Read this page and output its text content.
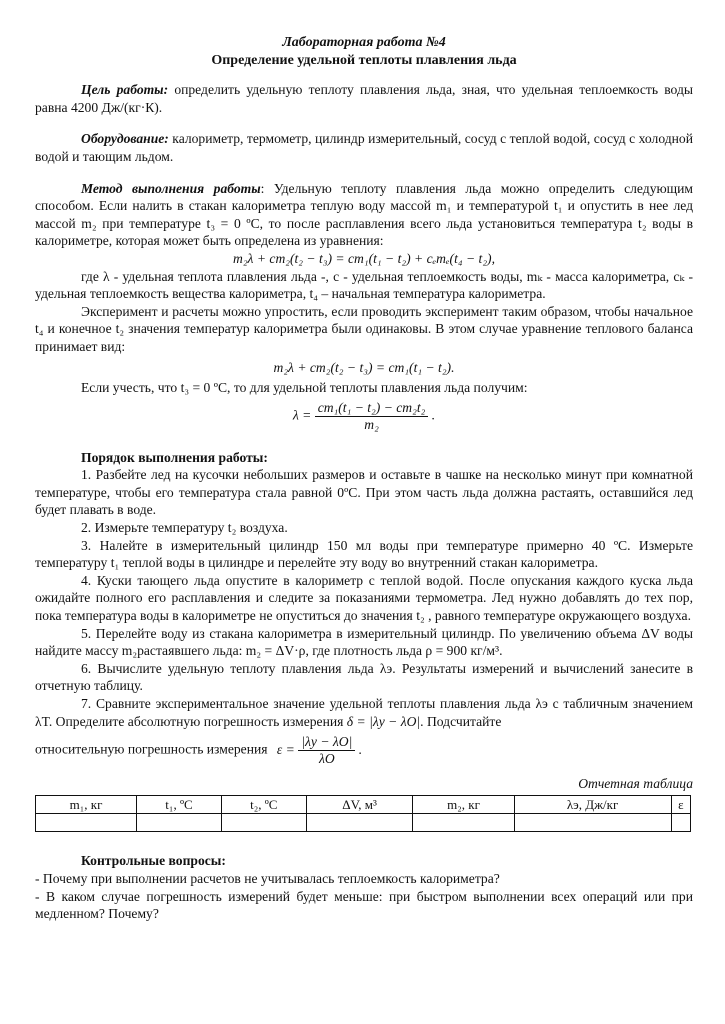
Лабораторная работа №4
Определение удельной теплоты плавления льда

Цель работы: определить удельную теплоту плавления льда, зная, что удельная теплоемкость воды равна 4200 Дж/(кг·К).

Оборудование: калориметр, термометр, цилиндр измерительный, сосуд с теплой водой, сосуд с холодной водой и тающим льдом.

Метод выполнения работы: Удельную теплоту плавления льда можно определить следующим способом. Если налить в стакан калориметра теплую воду массой m₁ и температурой t₁ и опустить в нее лед массой m₂ при температуре t₃ = 0 ºС, то после расплавления всего льда установиться температура t₂ воды в калориметре, которая может быть определена из уравнения:

m₂λ + cm₂(t₂ − t₃) = cm₁(t₁ − t₂) + cₑmₑ(t₄ − t₂),

где λ - удельная теплота плавления льда -, c - удельная теплоемкость воды, mₖ - масса калориметра, cₖ - удельная теплоемкость вещества калориметра, t₄ – начальная температура калориметра.

Эксперимент и расчеты можно упростить, если проводить эксперимент таким образом, чтобы начальное t₄ и конечное t₂ значения температур калориметра были одинаковы. В этом случае уравнение теплового баланса принимает вид:

m₂λ + cm₂(t₂ − t₃) = cm₁(t₁ − t₂).

Если учесть, что t₃ = 0 ºС, то для удельной теплоты плавления льда получим:

$\lambda = \frac{\text{cm₁(t₁ − t₂) − cm₂t₂}}{\text{m₂}}$ .

Порядок выполнения работы:

1. Разбейте лед на кусочки небольших размеров и оставьте в чашке на несколько минут при комнатной температуре, чтобы его температура стала равной 0ºС. При этом часть льда должна растаять, оставшийся лед будет плавать в воде.

2. Измерьте температуру t₂ воздуха.

3. Налейте в измерительный цилиндр 150 мл воды при температуре примерно 40 ºС. Измерьте температуру t₁ теплой воды в цилиндре и перелейте эту воду во внутренний стакан калориметра.

4. Куски тающего льда опустите в калориметр с теплой водой. После опускания каждого куска льда ожидайте полного его расплавления и следите за показаниями термометра. Лед нужно добавлять до тех пор, пока температура воды в калориметре не опуститься до значения t₂ , равного температуре окружающего воздуха.

5. Перелейте воду из стакана калориметра в измерительный цилиндр. По увеличению объема ΔV воды найдите массу m₂растаявшего льда: m₂ = ΔV·ρ, где плотность льда ρ = 900 кг/м³.

6. Вычислите удельную теплоту плавления льда λэ. Результаты измерений и вычислений занесите в отчетную таблицу.

7. Сравните экспериментальное значение удельной теплоты плавления льда λэ с табличным значением λT. Определите абсолютную погрешность измерения δ = |λу − λO|. Подсчитайте

относительную погрешность измерения $\varepsilon = \frac{|\lambda у - \lambda O|}{\lambda O}$ .
Отчетная таблица
m₁, кг	t₁, ºС	t₂, ºС	ΔV, м³	m₂, кг	λэ, Дж/кг	ε

Контрольные вопросы:

- Почему при выполнении расчетов не учитывалась теплоемкость калориметра?

- В каком случае погрешность измерений будет меньше: при быстром выполнении всех операций или при медленном? Почему?
